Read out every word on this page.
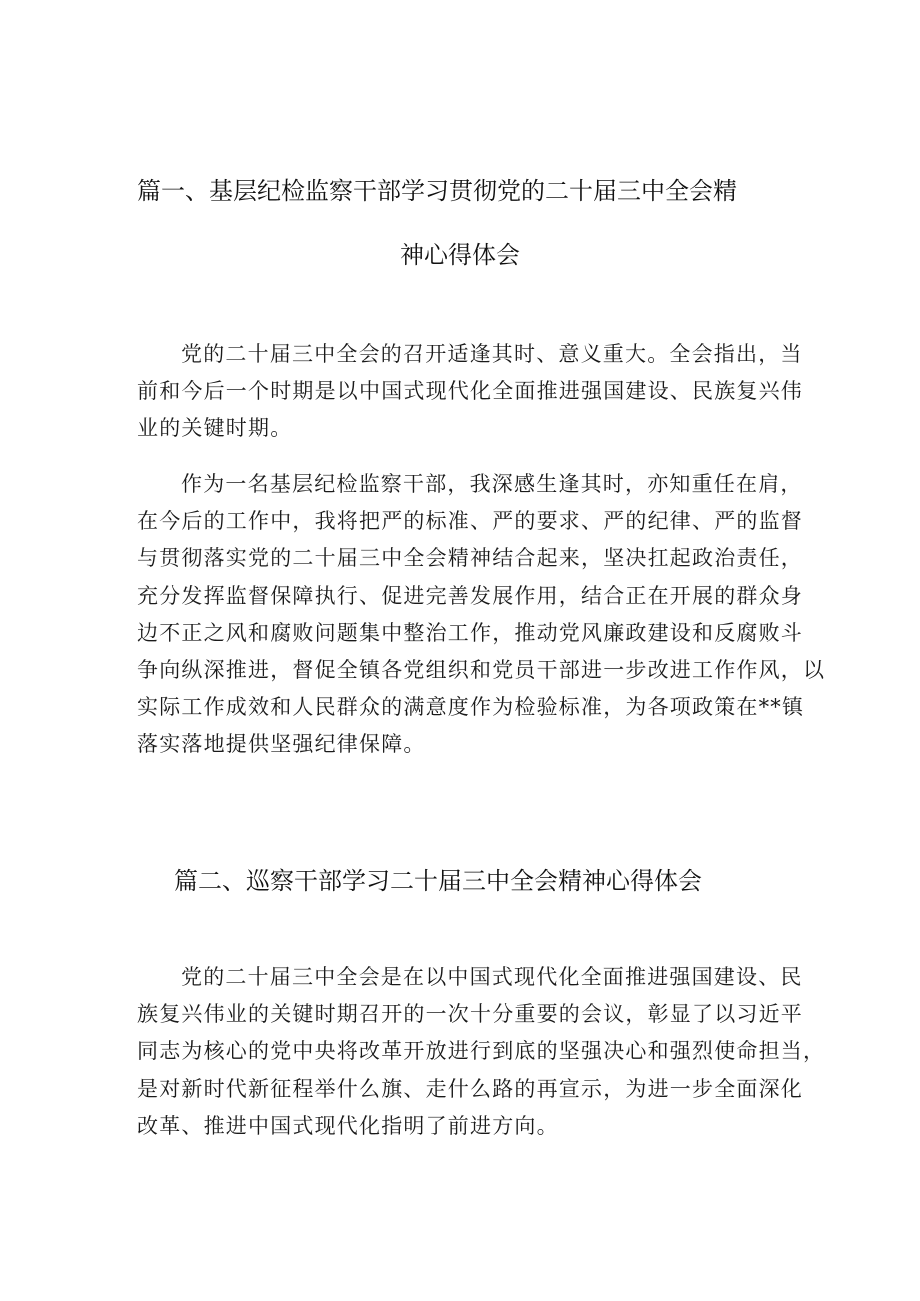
篇一、基层纪检监察干部学习贯彻党的二十届三中全会精
神心得体会
党的二十届三中全会的召开适逢其时、意义重大。全会指出，当
前和今后一个时期是以中国式现代化全面推进强国建设、民族复兴伟
业的关键时期。
作为一名基层纪检监察干部，我深感生逢其时，亦知重任在肩，
在今后的工作中，我将把严的标准、严的要求、严的纪律、严的监督
与贯彻落实党的二十届三中全会精神结合起来，坚决扛起政治责任，
充分发挥监督保障执行、促进完善发展作用，结合正在开展的群众身
边不正之风和腐败问题集中整治工作，推动党风廉政建设和反腐败斗
争向纵深推进，督促全镇各党组织和党员干部进一步改进工作作风，以
实际工作成效和人民群众的满意度作为检验标准，为各项政策在**镇
落实落地提供坚强纪律保障。
篇二、巡察干部学习二十届三中全会精神心得体会
党的二十届三中全会是在以中国式现代化全面推进强国建设、民
族复兴伟业的关键时期召开的一次十分重要的会议，彰显了以习近平
同志为核心的党中央将改革开放进行到底的坚强决心和强烈使命担当，
是对新时代新征程举什么旗、走什么路的再宣示，为进一步全面深化
改革、推进中国式现代化指明了前进方向。
